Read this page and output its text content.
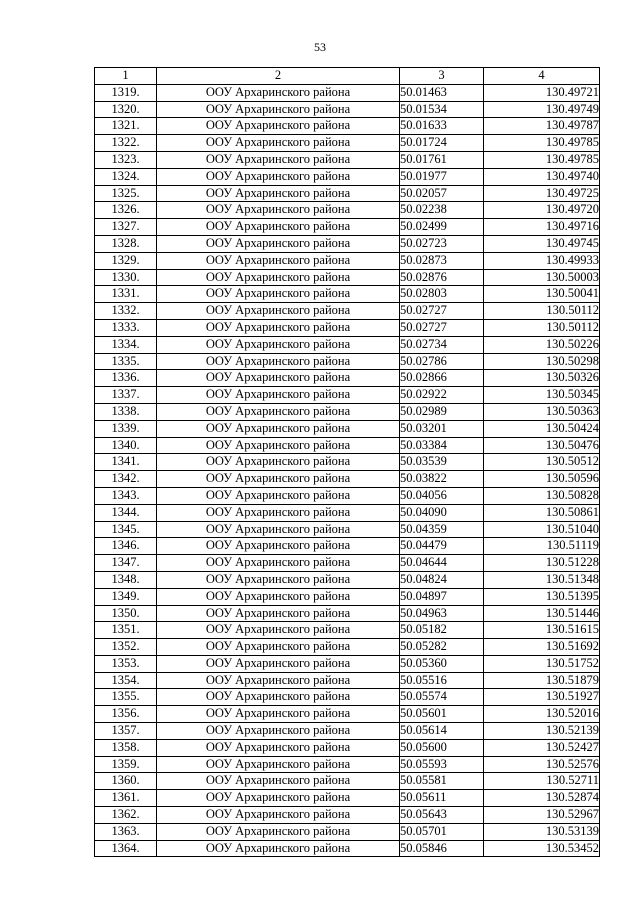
53
1	2	3	4
1319.	ООУ Архаринского района	50.01463	130.49721
1320.	ООУ Архаринского района	50.01534	130.49749
1321.	ООУ Архаринского района	50.01633	130.49787
1322.	ООУ Архаринского района	50.01724	130.49785
1323.	ООУ Архаринского района	50.01761	130.49785
1324.	ООУ Архаринского района	50.01977	130.49740
1325.	ООУ Архаринского района	50.02057	130.49725
1326.	ООУ Архаринского района	50.02238	130.49720
1327.	ООУ Архаринского района	50.02499	130.49716
1328.	ООУ Архаринского района	50.02723	130.49745
1329.	ООУ Архаринского района	50.02873	130.49933
1330.	ООУ Архаринского района	50.02876	130.50003
1331.	ООУ Архаринского района	50.02803	130.50041
1332.	ООУ Архаринского района	50.02727	130.50112
1333.	ООУ Архаринского района	50.02727	130.50112
1334.	ООУ Архаринского района	50.02734	130.50226
1335.	ООУ Архаринского района	50.02786	130.50298
1336.	ООУ Архаринского района	50.02866	130.50326
1337.	ООУ Архаринского района	50.02922	130.50345
1338.	ООУ Архаринского района	50.02989	130.50363
1339.	ООУ Архаринского района	50.03201	130.50424
1340.	ООУ Архаринского района	50.03384	130.50476
1341.	ООУ Архаринского района	50.03539	130.50512
1342.	ООУ Архаринского района	50.03822	130.50596
1343.	ООУ Архаринского района	50.04056	130.50828
1344.	ООУ Архаринского района	50.04090	130.50861
1345.	ООУ Архаринского района	50.04359	130.51040
1346.	ООУ Архаринского района	50.04479	130.51119
1347.	ООУ Архаринского района	50.04644	130.51228
1348.	ООУ Архаринского района	50.04824	130.51348
1349.	ООУ Архаринского района	50.04897	130.51395
1350.	ООУ Архаринского района	50.04963	130.51446
1351.	ООУ Архаринского района	50.05182	130.51615
1352.	ООУ Архаринского района	50.05282	130.51692
1353.	ООУ Архаринского района	50.05360	130.51752
1354.	ООУ Архаринского района	50.05516	130.51879
1355.	ООУ Архаринского района	50.05574	130.51927
1356.	ООУ Архаринского района	50.05601	130.52016
1357.	ООУ Архаринского района	50.05614	130.52139
1358.	ООУ Архаринского района	50.05600	130.52427
1359.	ООУ Архаринского района	50.05593	130.52576
1360.	ООУ Архаринского района	50.05581	130.52711
1361.	ООУ Архаринского района	50.05611	130.52874
1362.	ООУ Архаринского района	50.05643	130.52967
1363.	ООУ Архаринского района	50.05701	130.53139
1364.	ООУ Архаринского района	50.05846	130.53452
